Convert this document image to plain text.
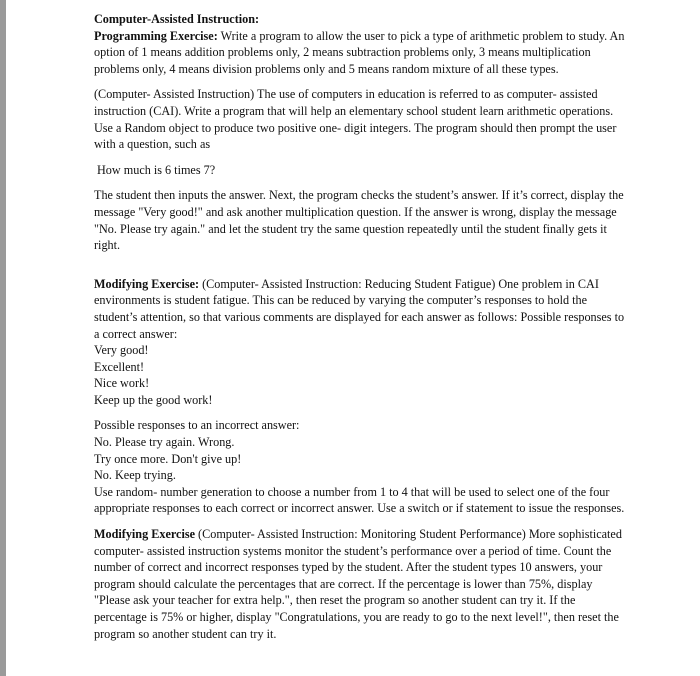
Computer-Assisted Instruction:

Programming Exercise: Write a program to allow the user to pick a type of arithmetic problem to study. An option of 1 means addition problems only, 2 means subtraction problems only, 3 means multiplication problems only, 4 means division problems only and 5 means random mixture of all these types.

(Computer- Assisted Instruction) The use of computers in education is referred to as computer- assisted instruction (CAI). Write a program that will help an elementary school student learn arithmetic operations. Use a Random object to produce two positive one- digit integers. The program should then prompt the user with a question, such as

How much is 6 times 7?

The student then inputs the answer. Next, the program checks the student’s answer. If it’s correct, display the message "Very good!" and ask another multiplication question. If the answer is wrong, display the message "No. Please try again." and let the student try the same question repeatedly until the student finally gets it right.

Modifying Exercise: (Computer- Assisted Instruction: Reducing Student Fatigue) One problem in CAI environments is student fatigue. This can be reduced by varying the computer’s responses to hold the student’s attention, so that various comments are displayed for each answer as follows: Possible responses to a correct answer:

Very good!

Excellent!

Nice work!

Keep up the good work!

Possible responses to an incorrect answer:

No. Please try again. Wrong.

Try once more. Don't give up!

No. Keep trying.

Use random- number generation to choose a number from 1 to 4 that will be used to select one of the four appropriate responses to each correct or incorrect answer. Use a switch or if statement to issue the responses.

Modifying Exercise (Computer- Assisted Instruction: Monitoring Student Performance) More sophisticated computer- assisted instruction systems monitor the student’s performance over a period of time. Count the number of correct and incorrect responses typed by the student. After the student types 10 answers, your program should calculate the percentages that are correct. If the percentage is lower than 75%, display "Please ask your teacher for extra help.", then reset the program so another student can try it. If the percentage is 75% or higher, display "Congratulations, you are ready to go to the next level!", then reset the program so another student can try it.
